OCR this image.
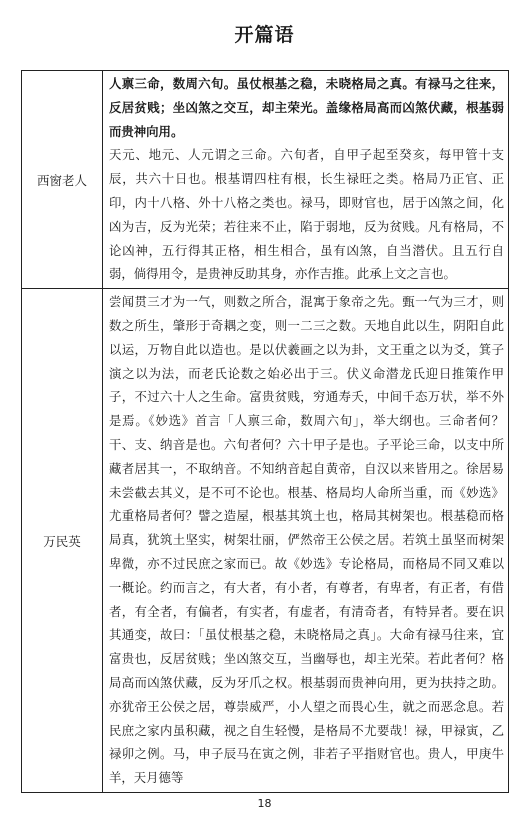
开篇语
西窗老人	人禀三命，数周六旬。虽仗根基之稳，未晓格局之真。有禄马之往来，反居贫贱；坐凶煞之交互，却主荣光。盖缘格局高而凶煞伏藏，根基弱而贵神向用。

天元、地元、人元谓之三命。六旬者，自甲子起至癸亥，每甲管十支辰，共六十日也。根基谓四柱有根，长生禄旺之类。格局乃正官、正印，内十八格、外十八格之类也。禄马，即财官也，居于凶煞之间，化凶为吉，反为光荣；若往来不止，陷于弱地，反为贫贱。凡有格局，不论凶神，五行得其正格，相生相合，虽有凶煞，自当潜伏。且五行自弱，倘得用令，是贵神反助其身，亦作吉推。此承上文之言也。

万民英	尝闻贯三才为一气，则数之所合，混寓于象帝之先。甄一气为三才，则数之所生，肇形于奇耦之变，则一二三之数。天地自此以生，阴阳自此以运，万物自此以造也。是以伏羲画之以为卦，文王重之以为爻，箕子演之以为法，而老氏论数之始必出于三。伏义命潜龙氏迎日推策作甲子，不过六十人之生命。富贵贫贱，穷通寿夭，中间千态万状，举不外是焉。《妙选》首言「人禀三命，数周六旬」，举大纲也。三命者何？干、支、纳音是也。六旬者何？六十甲子是也。子平论三命，以支中所藏者居其一，不取纳音。不知纳音起自黄帝，自汉以来皆用之。徐居易未尝截去其义，是不可不论也。根基、格局均人命所当重，而《妙选》尤重格局者何？譬之造屋，根基其筑土也，格局其树架也。根基稳而格局真，犹筑土坚实，树架壮丽，俨然帝王公侯之居。若筑土虽坚而树架卑微，亦不过民庶之家而已。故《妙选》专论格局，而格局不同又难以一概论。约而言之，有大者，有小者，有尊者，有卑者，有正者，有借者，有全者，有偏者，有实者，有虚者，有清奇者，有特异者。要在识其通变，故曰：「虽仗根基之稳，未晓格局之真」。大命有禄马往来，宜富贵也，反居贫贱；坐凶煞交互，当幽辱也，却主光荣。若此者何？格局高而凶煞伏藏，反为牙爪之权。根基弱而贵神向用，更为扶持之助。亦犹帝王公侯之居，尊崇威严，小人望之而畏心生，就之而恶念息。若民庶之家内虽积藏，视之自生轻慢，是格局不尤要哉！禄，甲禄寅，乙禄卯之例。马，申子辰马在寅之例，非若子平指财官也。贵人，甲庚牛羊，天月德等

18
